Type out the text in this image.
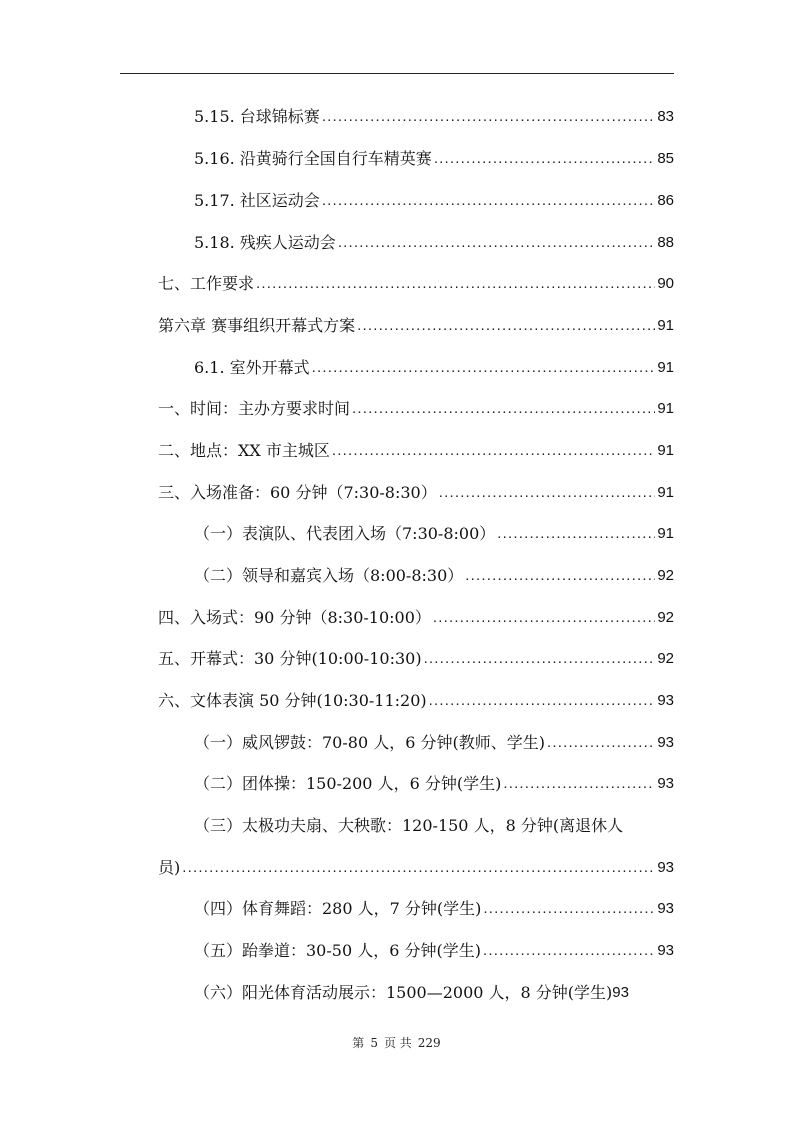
5.15. 台球锦标赛 .....	83
5.16. 沿黄骑行全国自行车精英赛 .....	85
5.17. 社区运动会 .....	86
5.18. 残疾人运动会 .....	88
七、工作要求 .....	90
第六章 赛事组织开幕式方案 .....	91
6.1. 室外开幕式 .....	91
一、时间：主办方要求时间 .....	91
二、地点：XX 市主城区 .....	91
三、入场准备：60 分钟（7:30-8:30） .....	91
（一）表演队、代表团入场（7:30-8:00） .....	91
（二）领导和嘉宾入场（8:00-8:30） .....	92
四、入场式：90 分钟（8:30-10:00） .....	92
五、开幕式：30 分钟(10:00-10:30) .....	92
六、文体表演 50 分钟(10:30-11:20) .....	93
（一）威风锣鼓：70-80 人，6 分钟(教师、学生) .....	93
（二）团体操：150-200 人，6 分钟(学生) .....	93
（三）太极功夫扇、大秧歌：120-150 人，8 分钟(离退休人
员) .....	93
（四）体育舞蹈：280 人，7 分钟(学生) .....	93
（五）跆拳道：30-50 人，6 分钟(学生) .....	93
（六）阳光体育活动展示：1500—2000 人，8 分钟(学生) 93
第 5 页 共 229
